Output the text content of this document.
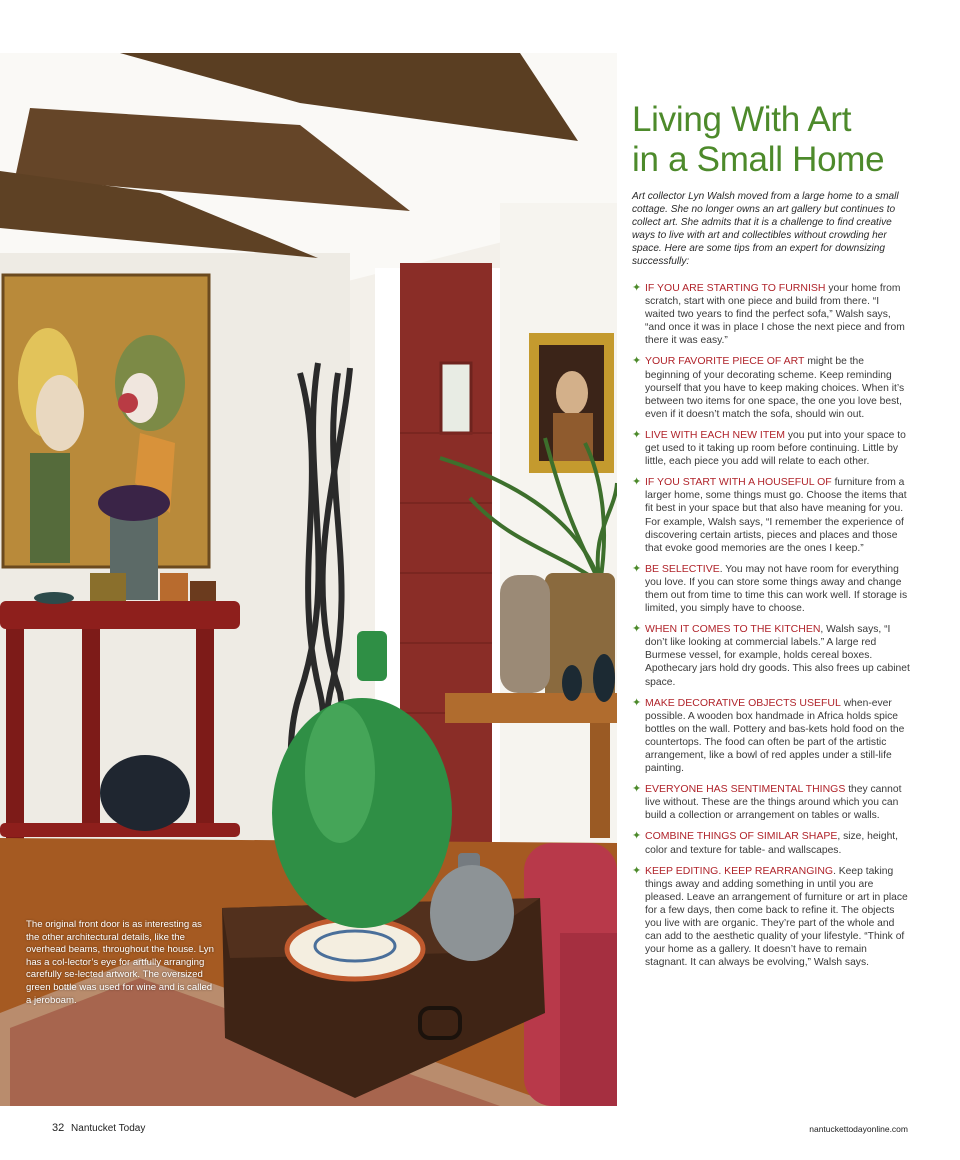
The original front door is as interesting as the other architectural details, like the overhead beams, throughout the house. Lyn has a col-lector’s eye for artfully arranging carefully se-lected artwork. The oversized green bottle was used for wine and is called a jeroboam.
Living With Art
in a Small Home

Art collector Lyn Walsh moved from a large home to a small cottage. She no longer owns an art gallery but continues to collect art. She admits that it is a challenge to find creative ways to live with art and collectibles without crowding her space. Here are some tips from an expert for downsizing successfully:

✦ IF YOU ARE STARTING TO FURNISH your home from scratch, start with one piece and build from there. “I waited two years to find the perfect sofa,” Walsh says, “and once it was in place I chose the next piece and from there it was easy.”
✦ YOUR FAVORITE PIECE OF ART might be the beginning of your decorating scheme. Keep reminding yourself that you have to keep making choices. When it’s between two items for one space, the one you love best, even if it doesn’t match the sofa, should win out.
✦ LIVE WITH EACH NEW ITEM you put into your space to get used to it taking up room before continuing. Little by little, each piece you add will relate to each other.
✦ IF YOU START WITH A HOUSEFUL OF furniture from a larger home, some things must go. Choose the items that fit best in your space but that also have meaning for you. For example, Walsh says, “I remember the experience of discovering certain artists, pieces and places and those that evoke good memories are the ones I keep.”
✦ BE SELECTIVE. You may not have room for everything you love. If you can store some things away and change them out from time to time this can work well. If storage is limited, you simply have to choose.
✦ WHEN IT COMES TO THE KITCHEN, Walsh says, “I don’t like looking at commercial labels.” A large red Burmese vessel, for example, holds cereal boxes. Apothecary jars hold dry goods. This also frees up cabinet space.
✦ MAKE DECORATIVE OBJECTS USEFUL when-ever possible. A wooden box handmade in Africa holds spice bottles on the wall. Pottery and bas-kets hold food on the countertops. The food can often be part of the artistic arrangement, like a bowl of red apples under a still-life painting.
✦ EVERYONE HAS SENTIMENTAL THINGS they cannot live without. These are the things around which you can build a collection or arrangement on tables or walls.
✦ COMBINE THINGS OF SIMILAR SHAPE, size, height, color and texture for table- and wallscapes.
✦ KEEP EDITING. KEEP REARRANGING. Keep taking things away and adding something in until you are pleased. Leave an arrangement of furniture or art in place for a few days, then come back to refine it. The objects you live with are organic. They’re part of the whole and can add to the aesthetic quality of your lifestyle. “Think of your home as a gallery. It doesn’t have to remain stagnant. It can always be evolving,” Walsh says.
32 Nantucket Today	nantuckettodayonline.com
